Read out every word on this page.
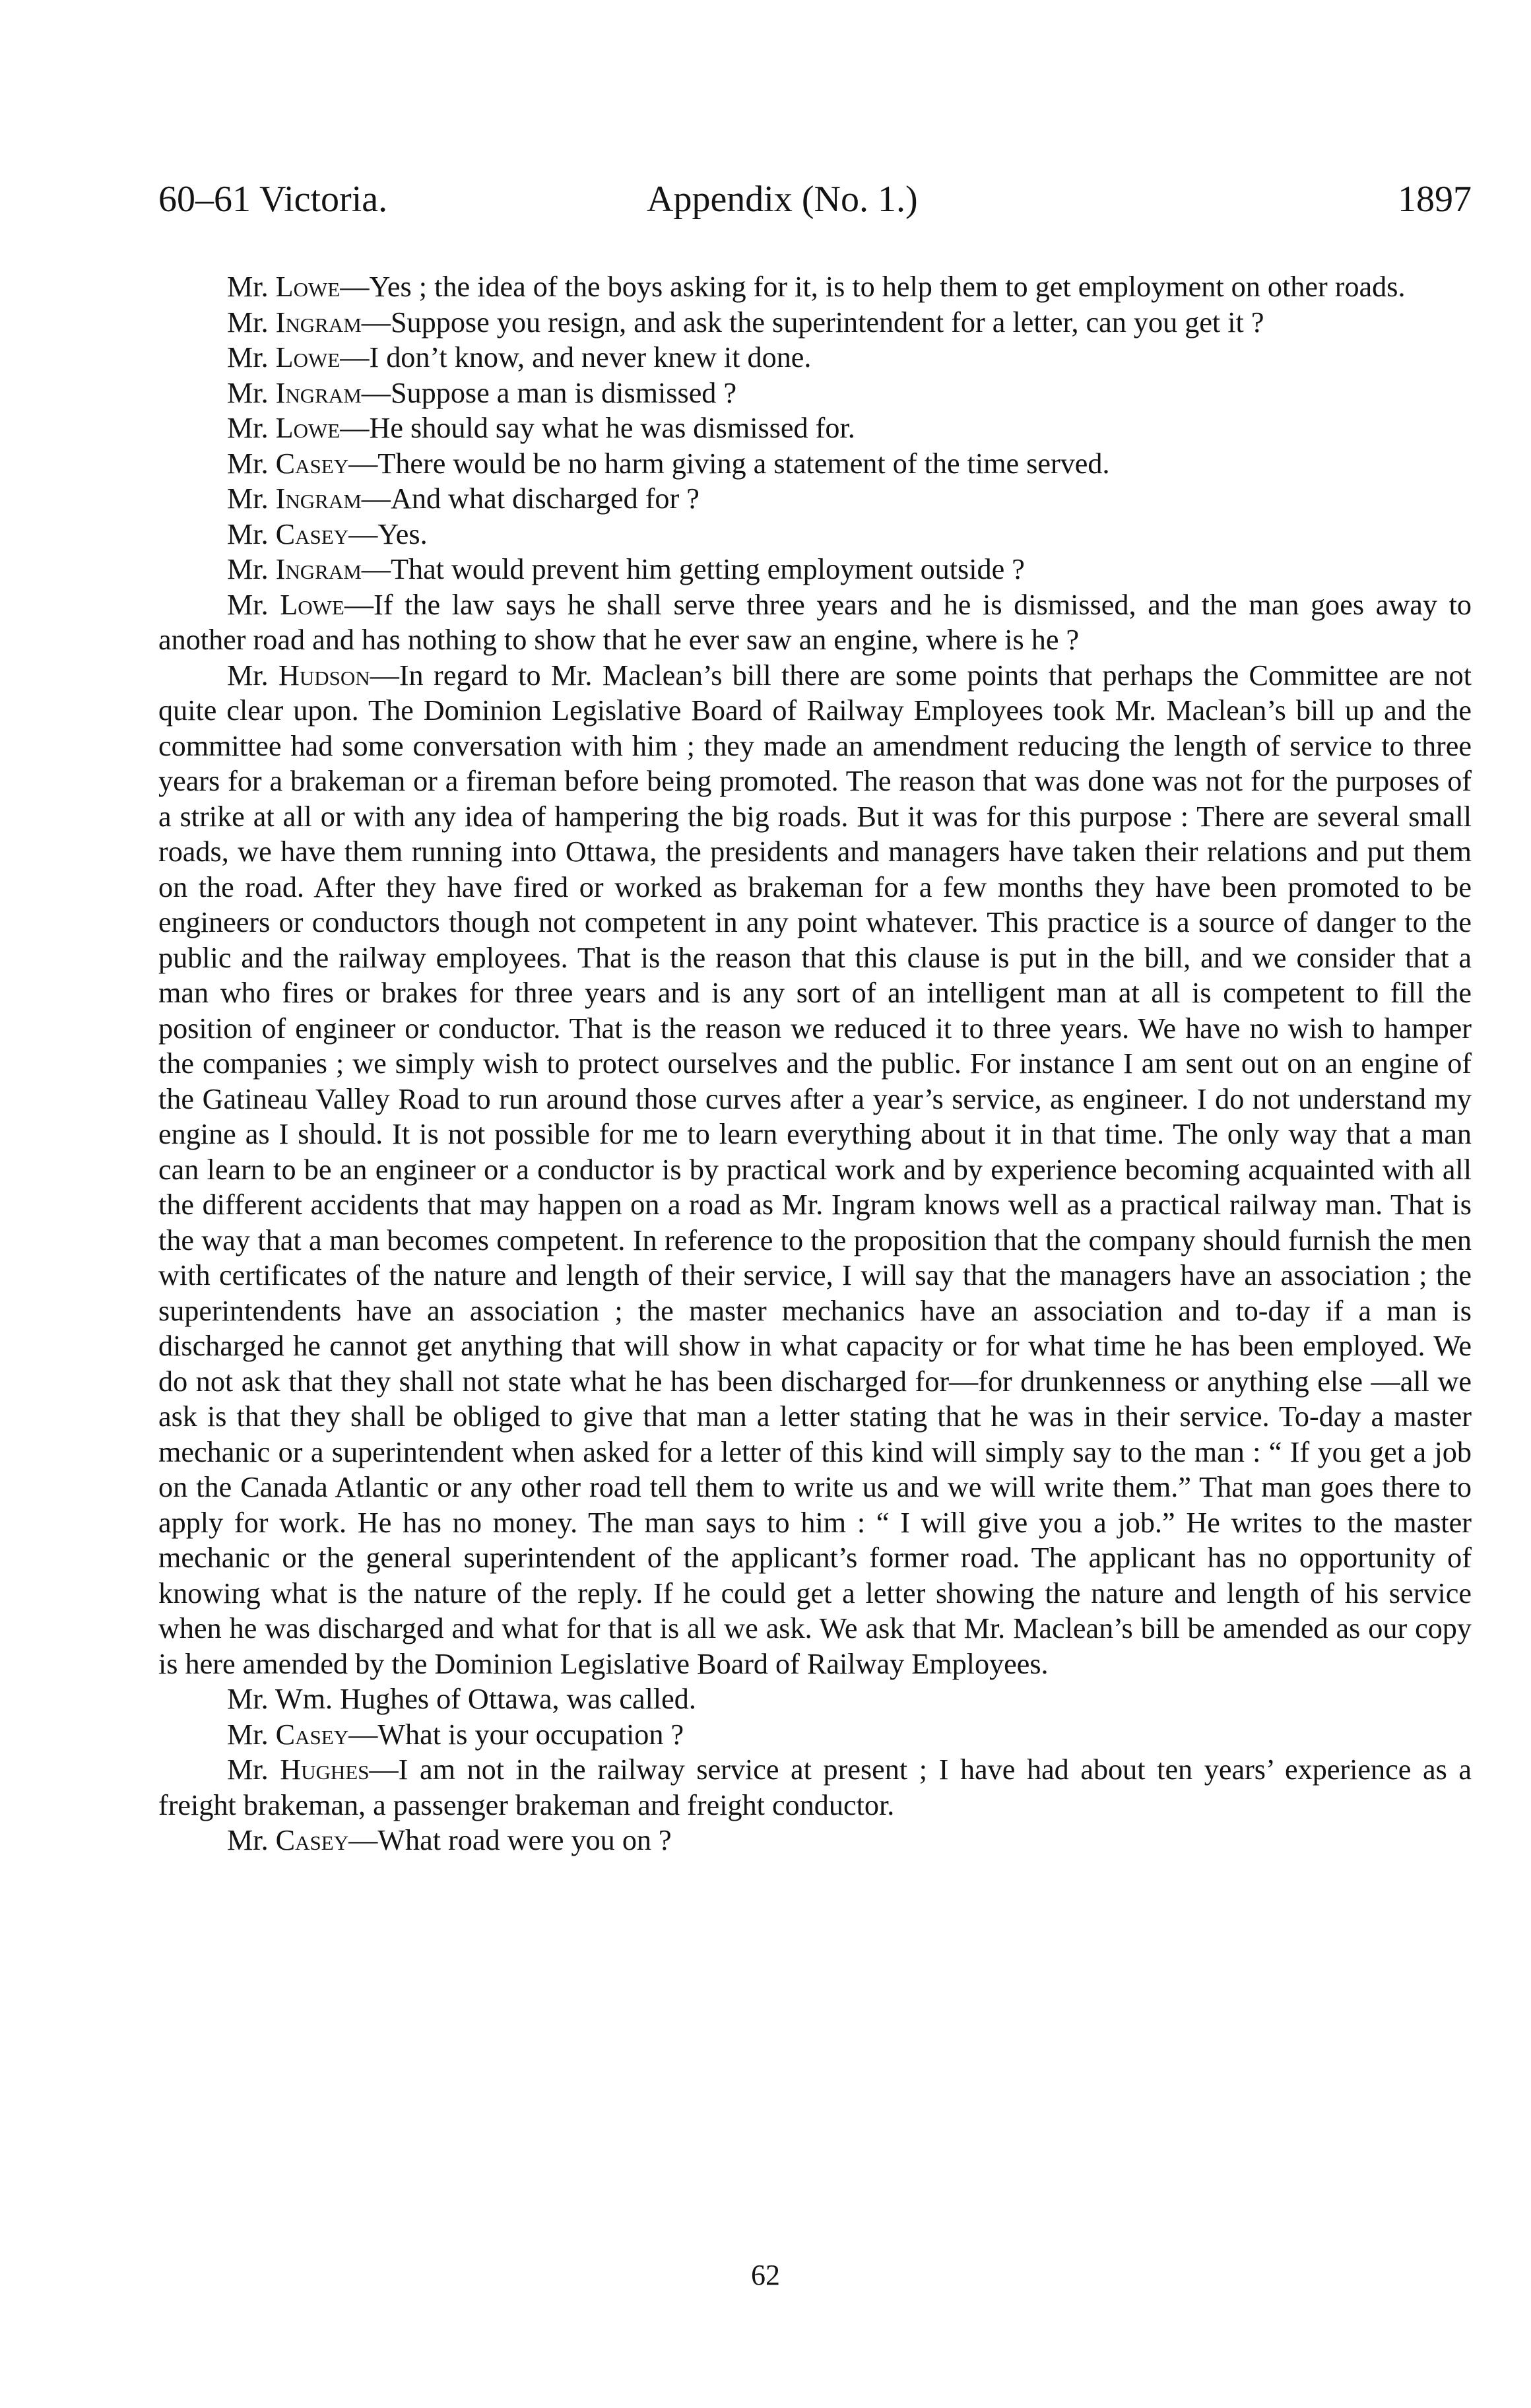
60–61 Victoria.	Appendix (No. 1.)	1897

Mr. Lowe—Yes ; the idea of the boys asking for it, is to help them to get employment on other roads.

Mr. Ingram—Suppose you resign, and ask the superintendent for a letter, can you get it ?

Mr. Lowe—I don’t know, and never knew it done.

Mr. Ingram—Suppose a man is dismissed ?

Mr. Lowe—He should say what he was dismissed for.

Mr. Casey—There would be no harm giving a statement of the time served.

Mr. Ingram—And what discharged for ?

Mr. Casey—Yes.

Mr. Ingram—That would prevent him getting employment outside ?

Mr. Lowe—If the law says he shall serve three years and he is dismissed, and the man goes away to another road and has nothing to show that he ever saw an engine, where is he ?

Mr. Hudson—In regard to Mr. Maclean’s bill there are some points that perhaps the Committee are not quite clear upon. The Dominion Legislative Board of Railway Employees took Mr. Maclean’s bill up and the committee had some conversation with him ; they made an amendment reducing the length of service to three years for a brakeman or a fireman before being promoted. The reason that was done was not for the purposes of a strike at all or with any idea of hampering the big roads. But it was for this purpose : There are several small roads, we have them running into Ottawa, the presidents and managers have taken their relations and put them on the road. After they have fired or worked as brakeman for a few months they have been promoted to be engineers or conductors though not competent in any point whatever. This practice is a source of danger to the public and the railway employees. That is the reason that this clause is put in the bill, and we consider that a man who fires or brakes for three years and is any sort of an intelligent man at all is competent to fill the position of engineer or conductor. That is the reason we reduced it to three years. We have no wish to hamper the companies ; we simply wish to protect ourselves and the public. For instance I am sent out on an engine of the Gatineau Valley Road to run around those curves after a year’s service, as engineer. I do not understand my engine as I should. It is not possible for me to learn everything about it in that time. The only way that a man can learn to be an engineer or a conductor is by practical work and by experience becoming acquainted with all the different accidents that may happen on a road as Mr. Ingram knows well as a practical railway man. That is the way that a man becomes competent. In reference to the proposition that the company should furnish the men with certificates of the nature and length of their service, I will say that the managers have an association ; the superintendents have an association ; the master mechanics have an association and to-day if a man is discharged he cannot get anything that will show in what capacity or for what time he has been employed. We do not ask that they shall not state what he has been discharged for—for drunkenness or anything else —all we ask is that they shall be obliged to give that man a letter stating that he was in their service. To-day a master mechanic or a superintendent when asked for a letter of this kind will simply say to the man : “ If you get a job on the Canada Atlantic or any other road tell them to write us and we will write them.” That man goes there to apply for work. He has no money. The man says to him : “ I will give you a job.” He writes to the master mechanic or the general superintendent of the applicant’s former road. The applicant has no opportunity of knowing what is the nature of the reply. If he could get a letter showing the nature and length of his service when he was discharged and what for that is all we ask. We ask that Mr. Maclean’s bill be amended as our copy is here amended by the Dominion Legislative Board of Railway Employees.

Mr. Wm. Hughes of Ottawa, was called.

Mr. Casey—What is your occupation ?

Mr. Hughes—I am not in the railway service at present ; I have had about ten years’ experience as a freight brakeman, a passenger brakeman and freight conductor.

Mr. Casey—What road were you on ?

62
